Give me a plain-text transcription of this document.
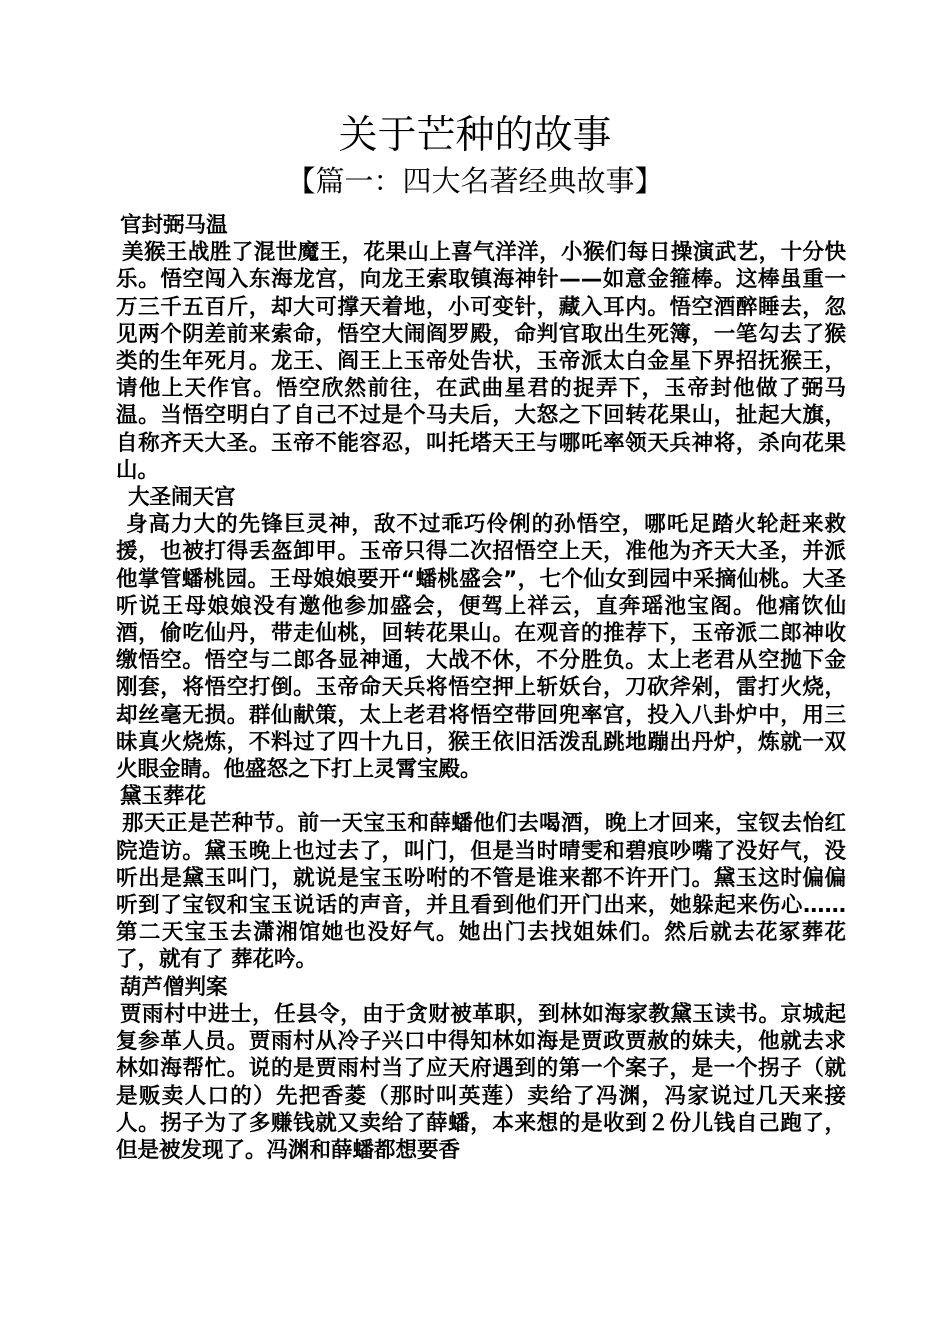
关于芒种的故事
【篇一：四大名著经典故事】
官封弼马温

美猴王战胜了混世魔王，花果山上喜气洋洋，小猴们每日操演武艺，十分快乐。悟空闯入东海龙宫，向龙王索取镇海神针——如意金箍棒。这棒虽重一万三千五百斤，却大可撑天着地，小可变针，藏入耳内。悟空酒醉睡去，忽见两个阴差前来索命，悟空大闹阎罗殿，命判官取出生死簿，一笔勾去了猴类的生年死月。龙王、阎王上玉帝处告状，玉帝派太白金星下界招抚猴王，请他上天作官。悟空欣然前往，在武曲星君的捉弄下，玉帝封他做了弼马温。当悟空明白了自己不过是个马夫后，大怒之下回转花果山，扯起大旗，自称齐天大圣。玉帝不能容忍，叫托塔天王与哪吒率领天兵神将，杀向花果山。

大圣闹天宫

身高力大的先锋巨灵神，敌不过乖巧伶俐的孙悟空，哪吒足踏火轮赶来救援，也被打得丢盔卸甲。玉帝只得二次招悟空上天，准他为齐天大圣，并派他掌管蟠桃园。王母娘娘要开“蟠桃盛会”，七个仙女到园中采摘仙桃。大圣听说王母娘娘没有邀他参加盛会，便驾上祥云，直奔瑶池宝阁。他痛饮仙酒，偷吃仙丹，带走仙桃，回转花果山。在观音的推荐下，玉帝派二郎神收缴悟空。悟空与二郎各显神通，大战不休，不分胜负。太上老君从空抛下金刚套，将悟空打倒。玉帝命天兵将悟空押上斩妖台，刀砍斧剁，雷打火烧，却丝毫无损。群仙献策，太上老君将悟空带回兜率宫，投入八卦炉中，用三昧真火烧炼，不料过了四十九日，猴王依旧活泼乱跳地蹦出丹炉，炼就一双火眼金睛。他盛怒之下打上灵霄宝殿。

黛玉葬花

那天正是芒种节。前一天宝玉和薛蟠他们去喝酒，晚上才回来，宝钗去怡红院造访。黛玉晚上也过去了，叫门，但是当时晴雯和碧痕吵嘴了没好气，没听出是黛玉叫门，就说是宝玉吩咐的不管是谁来都不许开门。黛玉这时偏偏听到了宝钗和宝玉说话的声音，并且看到他们开门出来，她躲起来伤心……第二天宝玉去潇湘馆她也没好气。她出门去找姐妹们。然后就去花冢葬花了，就有了 葬花吟。

葫芦僧判案

贾雨村中进士，任县令，由于贪财被革职，到林如海家教黛玉读书。京城起复参革人员。贾雨村从冷子兴口中得知林如海是贾政贾赦的妹夫，他就去求林如海帮忙。说的是贾雨村当了应天府遇到的第一个案子，是一个拐子（就是贩卖人口的）先把香菱（那时叫英莲）卖给了冯渊，冯家说过几天来接人。拐子为了多赚钱就又卖给了薛蟠，本来想的是收到２份儿钱自己跑了，但是被发现了。冯渊和薛蟠都想要香
